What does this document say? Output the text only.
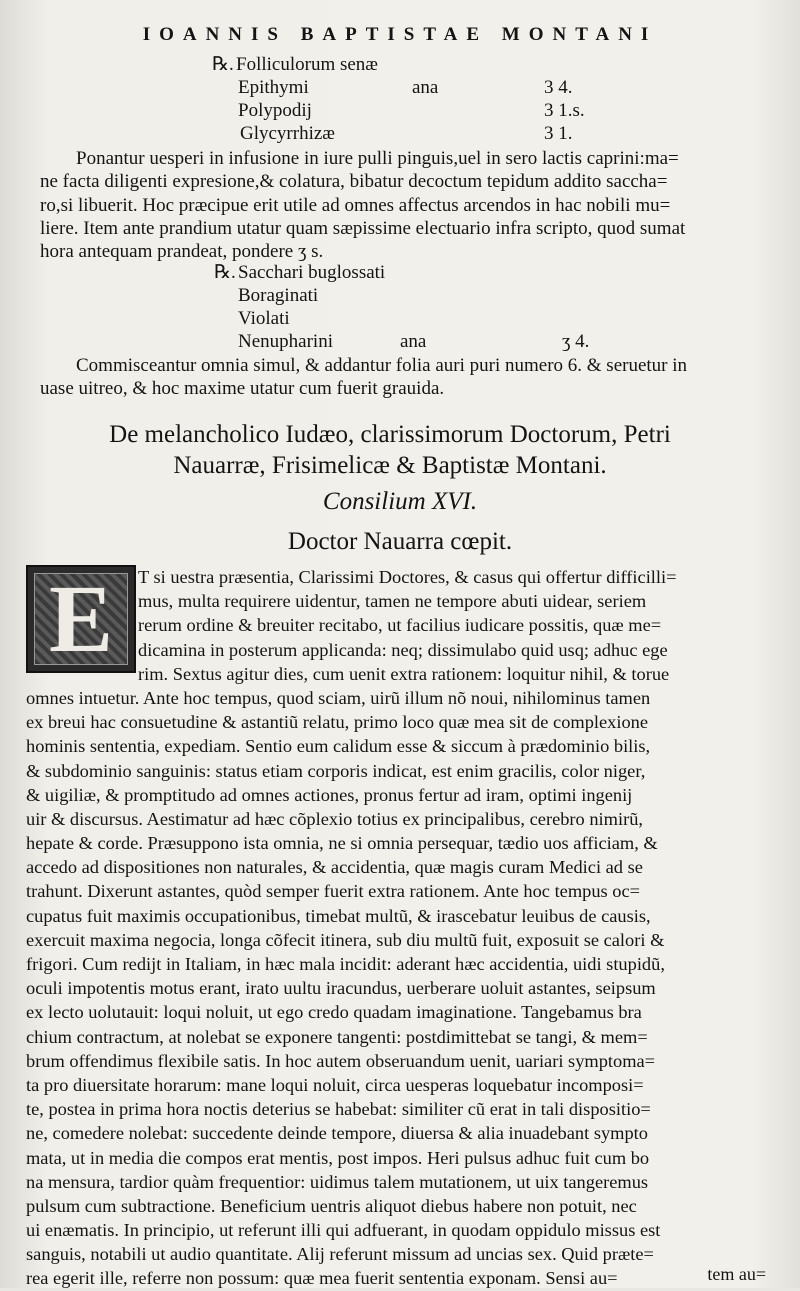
IOANNIS BAPTISTAE MONTANI
℞. Folliculorum senæ
Epithymi	ana	3 4.
Polypodij	3 1.s.
Glycyrrhizæ	3 1.
Ponantur uesperi in infusione in iure pulli pinguis,uel in sero lactis caprini:ma=
ne facta diligenti expresione,& colatura, bibatur decoctum tepidum addito saccha=
ro,si libuerit. Hoc præcipue erit utile ad omnes affectus arcendos in hac nobili mu=
liere. Item ante prandium utatur quam sæpissime electuario infra scripto, quod sumat
hora antequam prandeat, pondere ʒ s.
℞. Sacchari buglossati
Boraginati
Violati
Nenupharini	ana	ʒ 4.
Commisceantur omnia simul, & addantur folia auri puri numero 6. & seruetur in
uase uitreo, & hoc maxime utatur cum fuerit grauida.
De melancholico Iudæo, clarissimorum Doctorum, Petri
Nauarræ, Frisimelicæ & Baptistæ Montani.
Consilium XVI.
Doctor Nauarra cœpit.
E	T si uestra præsentia, Clarissimi Doctores, & casus qui offertur difficilli=
mus, multa requirere uidentur, tamen ne tempore abuti uidear, seriem
rerum ordine & breuiter recitabo, ut facilius iudicare possitis, quæ me=
dicamina in posterum applicanda: neq; dissimulabo quid usq; adhuc ege
rim. Sextus agitur dies, cum uenit extra rationem: loquitur nihil, & torue
omnes intuetur. Ante hoc tempus, quod sciam, uirũ illum nõ noui, nihilominus tamen
ex breui hac consuetudine & astantiũ relatu, primo loco quæ mea sit de complexione
hominis sententia, expediam. Sentio eum calidum esse & siccum à prædominio bilis,
& subdominio sanguinis: status etiam corporis indicat, est enim gracilis, color niger,
& uigiliæ, & promptitudo ad omnes actiones, pronus fertur ad iram, optimi ingenij
uir & discursus. Aestimatur ad hæc cõplexio totius ex principalibus, cerebro nimirũ,
hepate & corde. Præsuppono ista omnia, ne si omnia persequar, tædio uos afficiam, &
accedo ad dispositiones non naturales, & accidentia, quæ magis curam Medici ad se
trahunt. Dixerunt astantes, quòd semper fuerit extra rationem. Ante hoc tempus oc=
cupatus fuit maximis occupationibus, timebat multũ, & irascebatur leuibus de causis,
exercuit maxima negocia, longa cõfecit itinera, sub diu multũ fuit, exposuit se calori &
frigori. Cum redijt in Italiam, in hæc mala incidit: aderant hæc accidentia, uidi stupidũ,
oculi impotentis motus erant, irato uultu iracundus, uerberare uoluit astantes, seipsum
ex lecto uolutauit: loqui noluit, ut ego credo quadam imaginatione. Tangebamus bra
chium contractum, at nolebat se exponere tangenti: postdimittebat se tangi, & mem=
brum offendimus flexibile satis. In hoc autem obseruandum uenit, uariari symptoma=
ta pro diuersitate horarum: mane loqui noluit, circa uesperas loquebatur incomposi=
te, postea in prima hora noctis deterius se habebat: similiter cũ erat in tali dispositio=
ne, comedere nolebat: succedente deinde tempore, diuersa & alia inuadebant sympto
mata, ut in media die compos erat mentis, post impos. Heri pulsus adhuc fuit cum bo
na mensura, tardior quàm frequentior: uidimus talem mutationem, ut uix tangeremus
pulsum cum subtractione. Beneficium uentris aliquot diebus habere non potuit, nec
ui enæmatis. In principio, ut referunt illi qui adfuerant, in quodam oppidulo missus est
sanguis, notabili ut audio quantitate. Alij referunt missum ad uncias sex. Quid præte=
rea egerit ille, referre non possum: quæ mea fuerit sententia exponam. Sensi au=	tem au=
